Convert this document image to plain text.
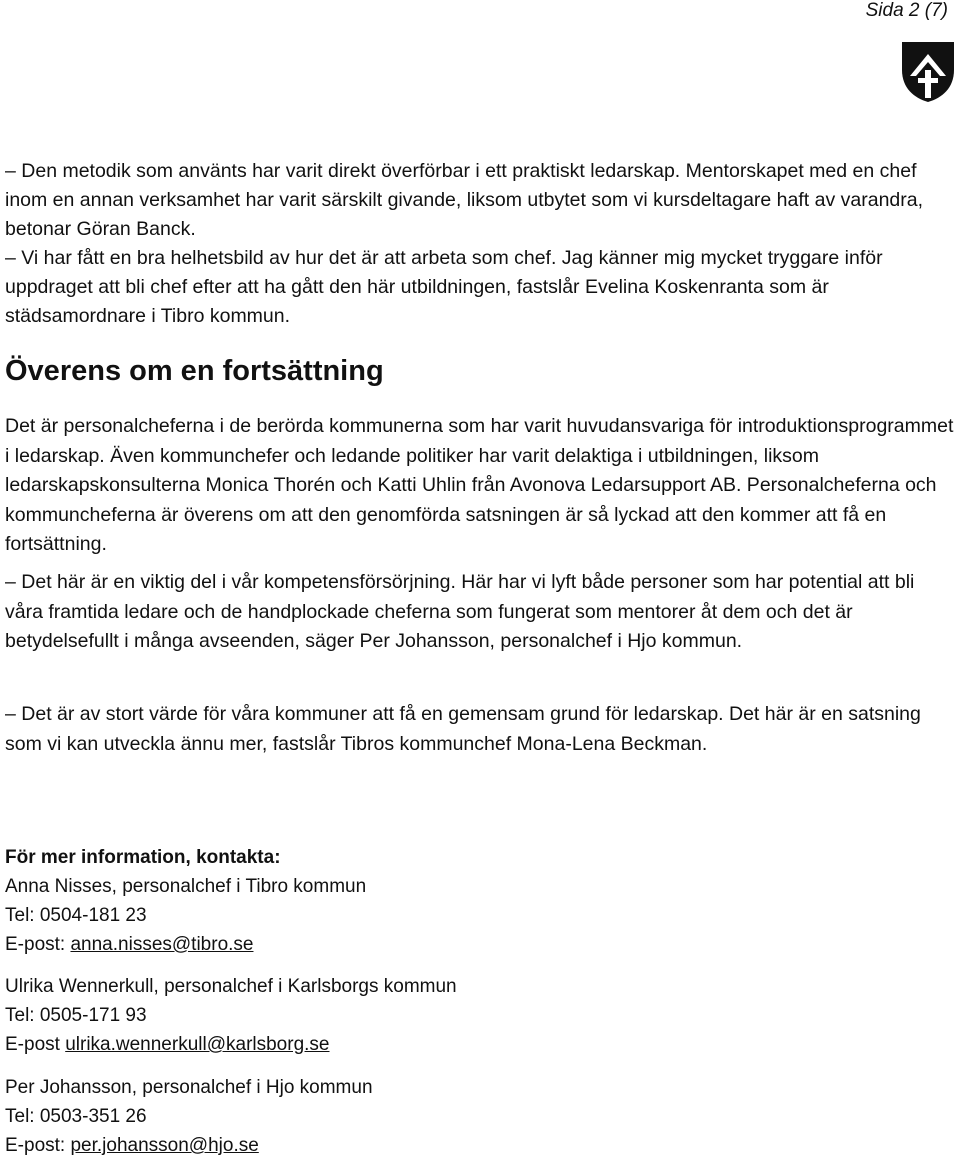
Sida 2 (7)

– Den metodik som använts har varit direkt överförbar i ett praktiskt ledarskap. Mentorskapet med en chef inom en annan verksamhet har varit särskilt givande, liksom utbytet som vi kursdeltagare haft av varandra, betonar Göran Banck.

– Vi har fått en bra helhetsbild av hur det är att arbeta som chef. Jag känner mig mycket tryggare inför uppdraget att bli chef efter att ha gått den här utbildningen, fastslår Evelina Koskenranta som är städsamordnare i Tibro kommun.

Överens om en fortsättning

Det är personalcheferna i de berörda kommunerna som har varit huvudansvariga för introduktionsprogrammet i ledarskap. Även kommunchefer och ledande politiker har varit delaktiga i utbildningen, liksom ledarskapskonsulterna Monica Thorén och Katti Uhlin från Avonova Ledarsupport AB. Personalcheferna och kommuncheferna är överens om att den genomförda satsningen är så lyckad att den kommer att få en fortsättning.

– Det här är en viktig del i vår kompetensförsörjning. Här har vi lyft både personer som har potential att bli våra framtida ledare och de handplockade cheferna som fungerat som mentorer åt dem och det är betydelsefullt i många avseenden, säger Per Johansson, personalchef i Hjo kommun.

– Det är av stort värde för våra kommuner att få en gemensam grund för ledarskap. Det här är en satsning som vi kan utveckla ännu mer, fastslår Tibros kommunchef Mona-Lena Beckman.

För mer information, kontakta:
Anna Nisses, personalchef i Tibro kommun
Tel: 0504-181 23
E-post: anna.nisses@tibro.se
Ulrika Wennerkull, personalchef i Karlsborgs kommun
Tel: 0505-171 93
E-post ulrika.wennerkull@karlsborg.se
Per Johansson, personalchef i Hjo kommun
Tel: 0503-351 26
E-post: per.johansson@hjo.se
